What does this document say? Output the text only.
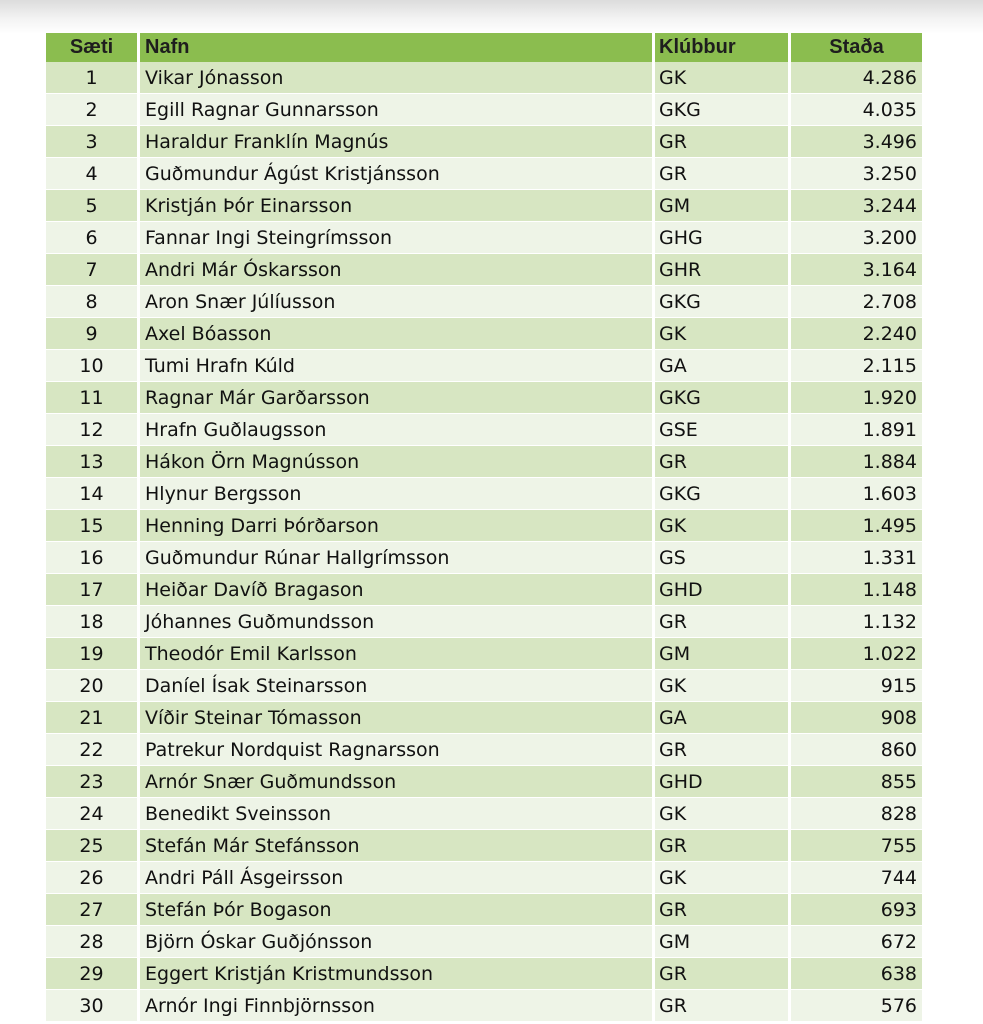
Sæti	Nafn	Klúbbur	Staða
1	Vikar Jónasson	GK	4.286
2	Egill Ragnar Gunnarsson	GKG	4.035
3	Haraldur Franklín Magnús	GR	3.496
4	Guðmundur Ágúst Kristjánsson	GR	3.250
5	Kristján Þór Einarsson	GM	3.244
6	Fannar Ingi Steingrímsson	GHG	3.200
7	Andri Már Óskarsson	GHR	3.164
8	Aron Snær Júlíusson	GKG	2.708
9	Axel Bóasson	GK	2.240
10	Tumi Hrafn Kúld	GA	2.115
11	Ragnar Már Garðarsson	GKG	1.920
12	Hrafn Guðlaugsson	GSE	1.891
13	Hákon Örn Magnússon	GR	1.884
14	Hlynur Bergsson	GKG	1.603
15	Henning Darri Þórðarson	GK	1.495
16	Guðmundur Rúnar Hallgrímsson	GS	1.331
17	Heiðar Davíð Bragason	GHD	1.148
18	Jóhannes Guðmundsson	GR	1.132
19	Theodór Emil Karlsson	GM	1.022
20	Daníel Ísak Steinarsson	GK	915
21	Víðir Steinar Tómasson	GA	908
22	Patrekur Nordquist Ragnarsson	GR	860
23	Arnór Snær Guðmundsson	GHD	855
24	Benedikt Sveinsson	GK	828
25	Stefán Már Stefánsson	GR	755
26	Andri Páll Ásgeirsson	GK	744
27	Stefán Þór Bogason	GR	693
28	Björn Óskar Guðjónsson	GM	672
29	Eggert Kristján Kristmundsson	GR	638
30	Arnór Ingi Finnbjörnsson	GR	576
